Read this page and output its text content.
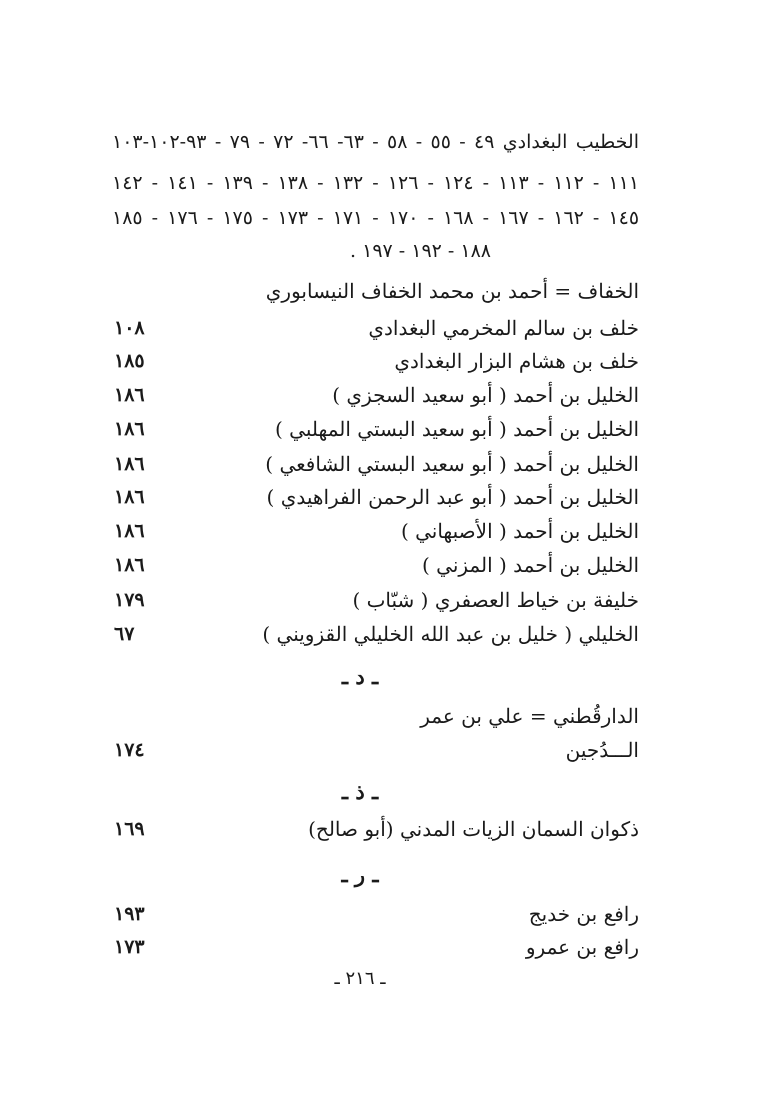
الخطيب البغدادي ٤٩ - ٥٥ - ٥٨ - ٦٣- ٦٦- ٧٢ - ٧٩ - ٩٣-١٠٢-١٠٣
١١١ - ١١٢ - ١١٣ - ١٢٤ - ١٢٦ - ١٣٢ - ١٣٨ - ١٣٩ - ١٤١ - ١٤٢
١٤٥ - ١٦٢ - ١٦٧ - ١٦٨ - ١٧٠ - ١٧١ - ١٧٣ - ١٧٥ - ١٧٦ - ١٨٥
١٨٨ - ١٩٢ - ١٩٧ .
الخفاف = أحمد بن محمد الخفاف النيسابوري
خلف بن سالم المخرمي البغدادي
١٠٨
خلف بن هشام البزار البغدادي
١٨٥
الخليل بن أحمد ( أبو سعيد السجزي )
١٨٦
الخليل بن أحمد ( أبو سعيد البستي المهلبي )
١٨٦
الخليل بن أحمد ( أبو سعيد البستي الشافعي )
١٨٦
الخليل بن أحمد ( أبو عبد الرحمن الفراهيدي )
١٨٦
الخليل بن أحمد ( الأصبهاني )
١٨٦
الخليل بن أحمد ( المزني )
١٨٦
خليفة بن خياط العصفري ( شبّاب )
١٧٩
الخليلي ( خليل بن عبد الله الخليلي القزويني )
٦٧
ـ د ـ
الدارقُطني = علي بن عمر
الـــدُجين
١٧٤
ـ ذ ـ
ذكوان السمان الزيات المدني (أبو صالح)
١٦٩
ـ ر ـ
رافع بن خديج
١٩٣
رافع بن عمرو
١٧٣
ـ ٢١٦ ـ
